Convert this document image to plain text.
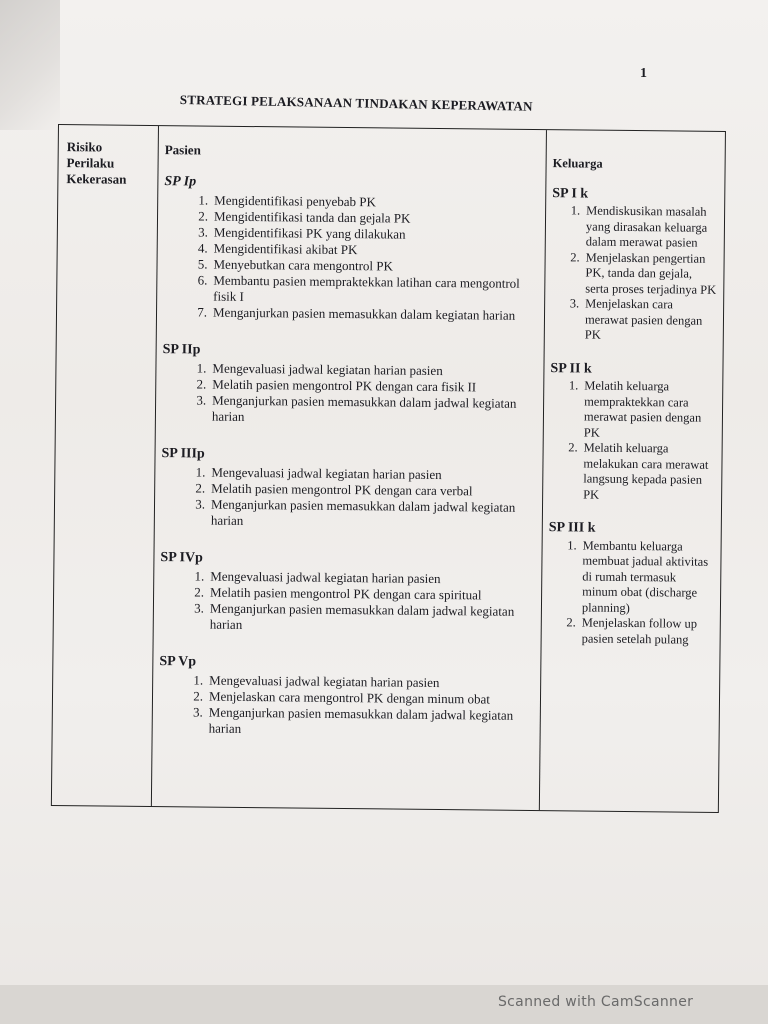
1
STRATEGI PELAKSANAAN TINDAKAN KEPERAWATAN
Risiko
Perilaku
Kekerasan
Pasien
SP Ip
1. Mengidentifikasi penyebab PK
2. Mengidentifikasi tanda dan gejala PK
3. Mengidentifikasi PK yang dilakukan
4. Mengidentifikasi akibat PK
5. Menyebutkan cara mengontrol PK
6. Membantu pasien mempraktekkan latihan cara mengontrol fisik I
7. Menganjurkan pasien memasukkan dalam kegiatan harian
SP IIp
1. Mengevaluasi jadwal kegiatan harian pasien
2. Melatih pasien mengontrol PK dengan cara fisik II
3. Menganjurkan pasien memasukkan dalam jadwal kegiatan harian
SP IIIp
1. Mengevaluasi jadwal kegiatan harian pasien
2. Melatih pasien mengontrol PK dengan cara verbal
3. Menganjurkan pasien memasukkan dalam jadwal kegiatan harian
SP IVp
1. Mengevaluasi jadwal kegiatan harian pasien
2. Melatih pasien mengontrol PK dengan cara spiritual
3. Menganjurkan pasien memasukkan dalam jadwal kegiatan harian
SP Vp
1. Mengevaluasi jadwal kegiatan harian pasien
2. Menjelaskan cara mengontrol PK dengan minum obat
3. Menganjurkan pasien memasukkan dalam jadwal kegiatan harian
Keluarga
SP I k
1. Mendiskusikan masalah yang dirasakan keluarga dalam merawat pasien
2. Menjelaskan pengertian PK, tanda dan gejala, serta proses terjadinya PK
3. Menjelaskan cara merawat pasien dengan PK
SP II k
1. Melatih keluarga mempraktekkan cara merawat pasien dengan PK
2. Melatih keluarga melakukan cara merawat langsung kepada pasien PK
SP III k
1. Membantu keluarga membuat jadual aktivitas di rumah termasuk minum obat (discharge planning)
2. Menjelaskan follow up pasien setelah pulang
Scanned with CamScanner
